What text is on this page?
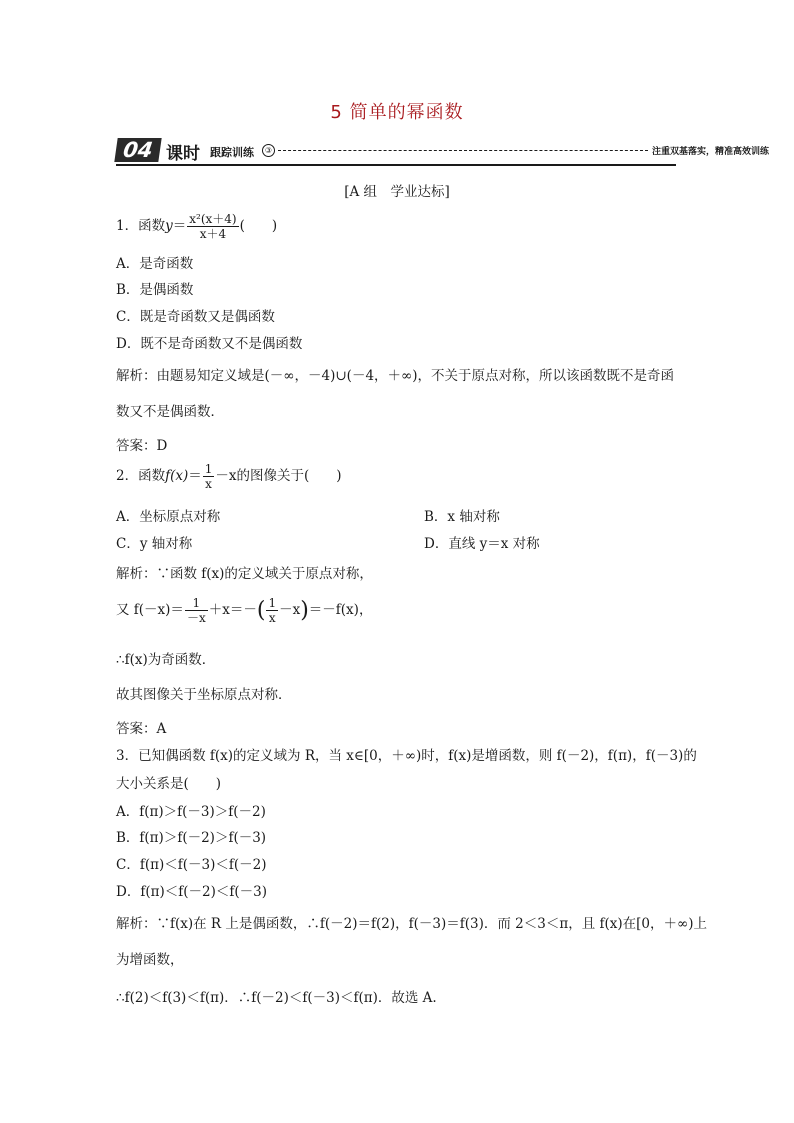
5 简单的幂函数
04 课时 跟踪训练	③	注重双基落实，精准高效训练
[A 组　学业达标]
1．函数$y= \frac{\text{x²(x＋4)}}{x+4}$ (　　)
A．是奇函数
B．是偶函数
C．既是奇函数又是偶函数
D．既不是奇函数又不是偶函数
解析：由题易知定义域是(－∞，－4)∪(－4，＋∞)，不关于原点对称，所以该函数既不是奇函
数又不是偶函数．
答案：D
2．函数$f(x)= \frac{1}{x} -x$的图像关于(　　)
A．坐标原点对称	B．x 轴对称
C．y 轴对称	D．直线 y＝x 对称
解析：∵函数 f(x)的定义域关于原点对称，
又 $f(-x)= \frac{1}{-x} +x=-( \frac{1}{x} -x)=-f(x)$，
∴f(x)为奇函数．
故其图像关于坐标原点对称．
答案：A
3．已知偶函数 f(x)的定义域为 R，当 x∈[0，＋∞)时，f(x)是增函数，则 f(－2)，f(π)，f(－3)的
大小关系是(　　)
A．f(π)＞f(－3)＞f(－2)
B．f(π)＞f(－2)＞f(－3)
C．f(π)＜f(－3)＜f(－2)
D．f(π)＜f(－2)＜f(－3)
解析：∵f(x)在 R 上是偶函数，∴f(－2)＝f(2)，f(－3)＝f(3)．而 2＜3＜π，且 f(x)在[0，＋∞)上
为增函数，
∴f(2)＜f(3)＜f(π)．∴f(－2)＜f(－3)＜f(π)．故选 A.
